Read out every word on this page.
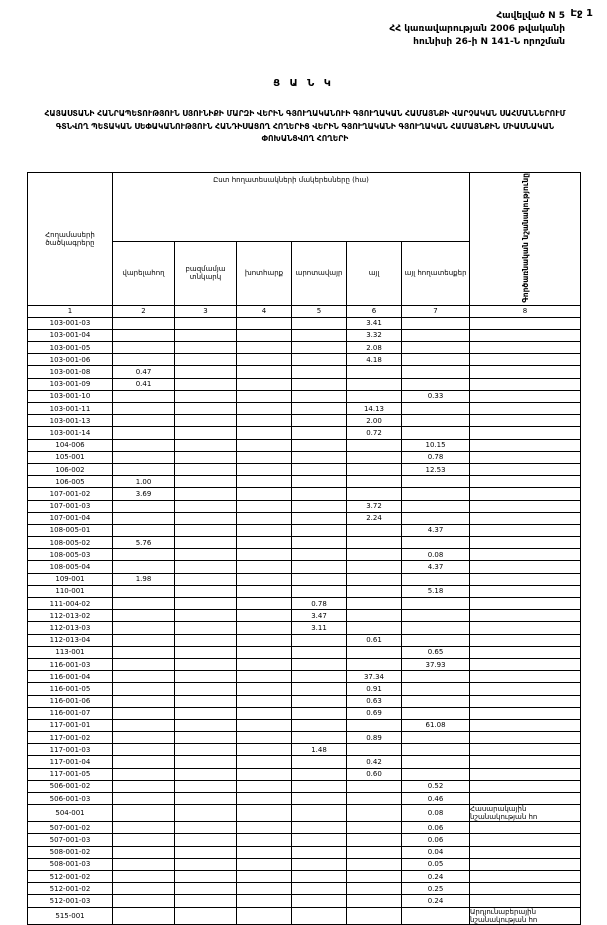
Էջ 1
Հավելված N 5
ՀՀ կառավարության 2006 թվականի
հունիսի 26-ի N 141-Ն որոշման
Ց Ա Ն Կ
ՀԱՅԱՍՏԱՆԻ ՀԱՆՐԱՊԵՏՈՒԹՅՈՒՆ ՍՅՈՒՆԻՔԻ ՄԱՐԶԻ ՎԵՐԻՆ ԳՅՈՒՂԱԿԱՆՈՒԻ ԳՅՈՒՂԱԿԱՆ ՀԱՄԱՅՆՔԻ ՎԱՐՉԱԿԱՆ ՍԱՀՄԱՆՆԵՐՈՒՄ ԳՏՆՎՈՂ ՊԵՏԱԿԱՆ ՍԵՓԱԿԱՆՈՒԹՅՈՒՆ ՀԱՆԴԻՍԱՑՈՂ ՀՈՂԵՐԻՑ ՎԵՐԻՆ ԳՅՈՒՂԱԿԱՆԻ ԳՅՈՒՂԱԿԱՆ ՀԱՄԱՅՆՔԻՆ ՄԻԱՍՆԱԿԱՆ ՓՈԽԱՆՑՎՈՂ ՀՈՂԵՐԻ
Հողամասերի ծածկագրերը	Ըստ հողատեսակների մակերեսները (հա)						Գործառնական նշանակությունը
	վարելահող	բազմամյա տնկարկ	խոտհարք	արոտավայր	այլ	այլ հողատեսքեր	
1	2	3	4	5	6	7	8
103-001-03					3.41		
103-001-04					3.32		
103-001-05					2.08		
103-001-06					4.18		
103-001-08	0.47						
103-001-09	0.41						
103-001-10						0.33	
103-001-11					14.13		
103-001-13					2.00		
103-001-14					0.72		
104-006						10.15	
105-001						0.78	
106-002						12.53	
106-005	1.00						
107-001-02	3.69						
107-001-03					3.72		
107-001-04					2.24		
108-005-01						4.37	
108-005-02	5.76						
108-005-03						0.08	
108-005-04						4.37	
109-001	1.98						
110-001						5.18	
111-004-02				0.78			
112-013-02				3.47			
112-013-03				3.11			
112-013-04					0.61		
113-001						0.65	
116-001-03						37.93	
116-001-04					37.34		
116-001-05					0.91		
116-001-06					0.63		
116-001-07					0.69		
117-001-01						61.08	
117-001-02					0.89		
117-001-03				1.48			
117-001-04					0.42		
117-001-05					0.60		
506-001-02						0.52	
506-001-03						0.46	
504-001						0.08	Հասարակային նշանակության հո
507-001-02						0.06	
507-001-03						0.06	
508-001-02						0.04	
508-001-03						0.05	
512-001-02						0.24	
512-001-02						0.25	
512-001-03						0.24	
515-001							Արդյունաբերային նշանակության հո
